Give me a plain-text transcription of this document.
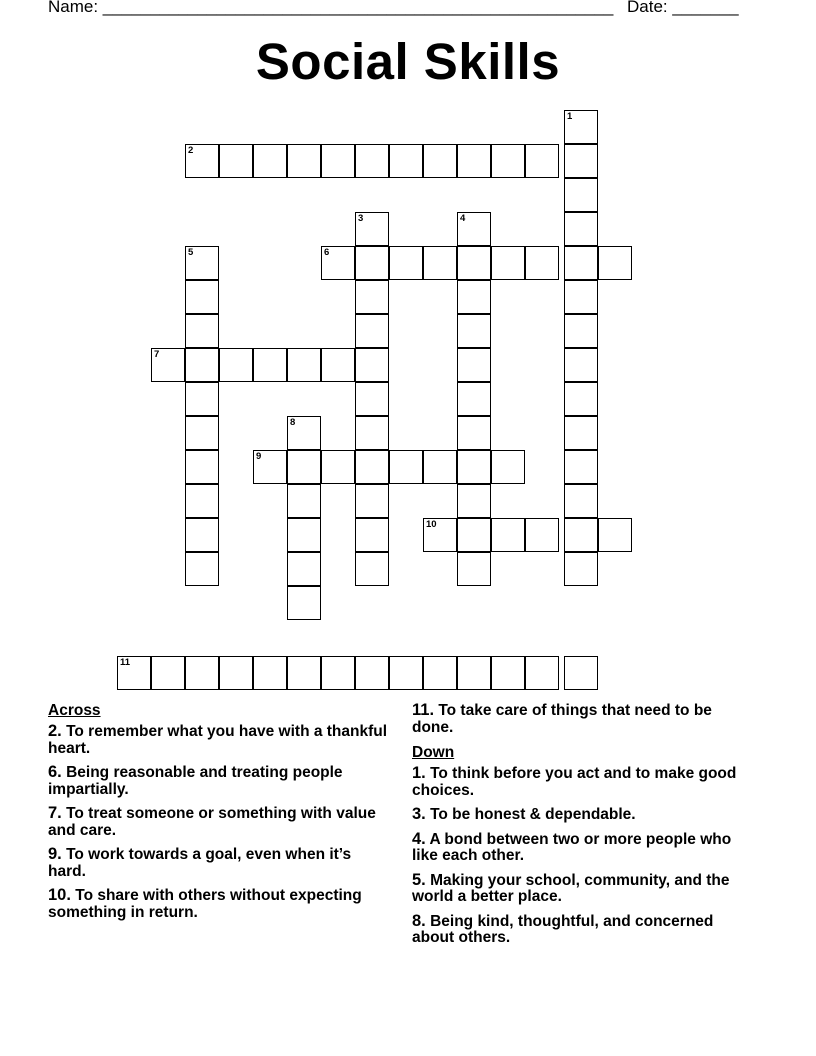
Name: ______________________________________________________ Date: _______
Social Skills
1
2
3	4
5	6
7
8
9
10
11
Across
2. To remember what you have with a thankful heart.
6. Being reasonable and treating people impartially.
7. To treat someone or something with value and care.
9. To work towards a goal, even when it’s hard.
10. To share with others without expecting something in return.
11. To take care of things that need to be done.
Down
1. To think before you act and to make good choices.
3. To be honest & dependable.
4. A bond between two or more people who like each other.
5. Making your school, community, and the world a better place.
8. Being kind, thoughtful, and concerned about others.
